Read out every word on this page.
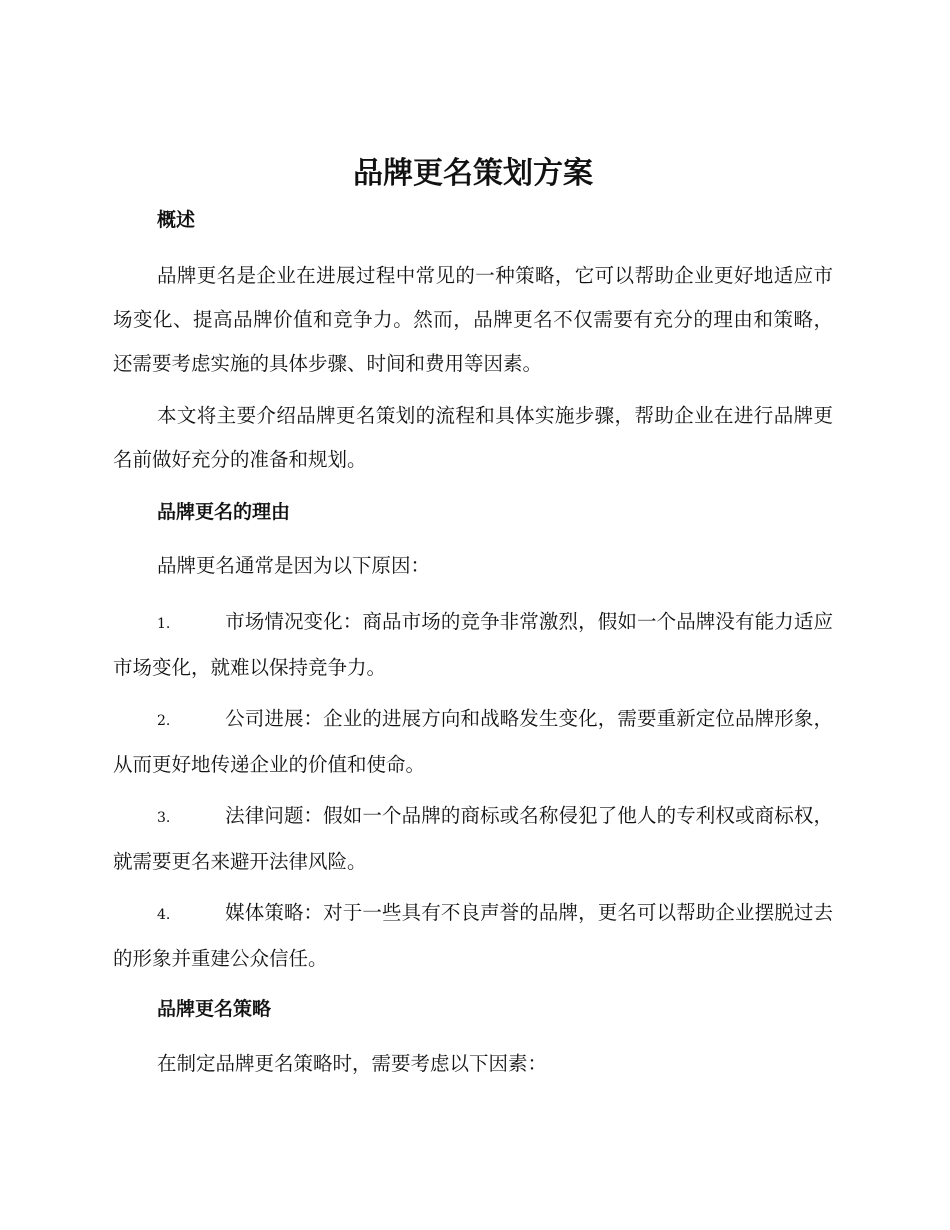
品牌更名策划方案
概述

品牌更名是企业在进展过程中常见的一种策略，它可以帮助企业更好地适应市场变化、提高品牌价值和竞争力。然而，品牌更名不仅需要有充分的理由和策略，还需要考虑实施的具体步骤、时间和费用等因素。

本文将主要介绍品牌更名策划的流程和具体实施步骤，帮助企业在进行品牌更名前做好充分的准备和规划。

品牌更名的理由

品牌更名通常是因为以下原因：

1.	市场情况变化：商品市场的竞争非常激烈，假如一个品牌没有能力适应市场变化，就难以保持竞争力。

2.	公司进展：企业的进展方向和战略发生变化，需要重新定位品牌形象，从而更好地传递企业的价值和使命。

3.	法律问题：假如一个品牌的商标或名称侵犯了他人的专利权或商标权，就需要更名来避开法律风险。

4.	媒体策略：对于一些具有不良声誉的品牌，更名可以帮助企业摆脱过去的形象并重建公众信任。

品牌更名策略

在制定品牌更名策略时，需要考虑以下因素：
